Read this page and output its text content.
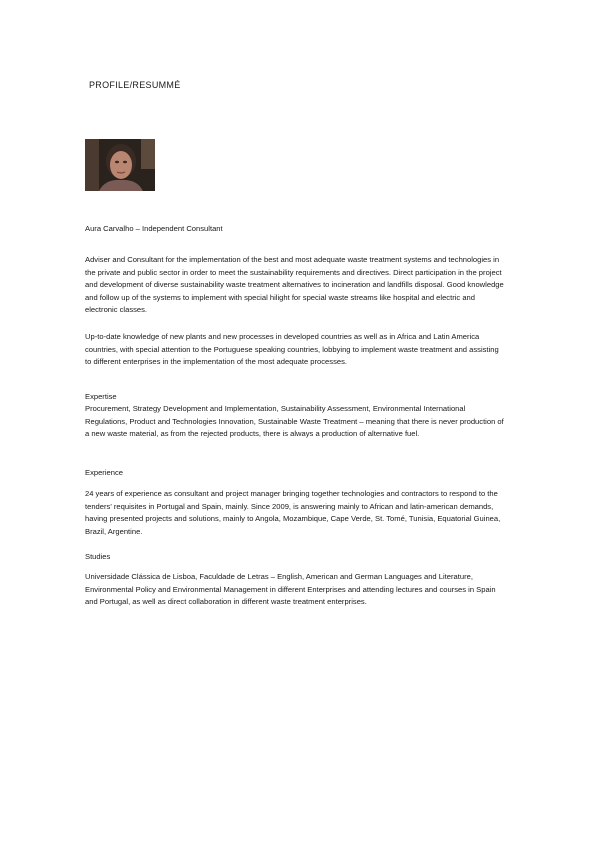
PROFILE/RESUMMÉ
Aura Carvalho – Independent Consultant

Adviser and Consultant for the implementation of the best and most adequate waste treatment systems and technologies in the private and public sector in order to meet the sustainability requirements and directives. Direct participation in the project and development of diverse sustainability waste treatment alternatives to incineration and landfills disposal. Good knowledge and follow up of the systems to implement with special hilight for special waste streams like hospital and electric and electronic classes.

Up-to-date knowledge of new plants and new processes in developed countries as well as in Africa and Latin America countries, with special attention to the Portuguese speaking countries, lobbying to implement waste treatment and assisting to different enterprises in the implementation of the most adequate processes.

Expertise

Procurement, Strategy Development and Implementation, Sustainability Assessment, Environmental International Regulations, Product and Technologies Innovation, Sustainable Waste Treatment – meaning that there is never production of a new waste material, as from the rejected products, there is always a production of alternative fuel.

Experience

24 years of experience as consultant and project manager bringing together technologies and contractors to respond to the tenders' requisites in Portugal and Spain, mainly. Since 2009, is answering mainly to African and latin-american demands, having presented projects and solutions, mainly to Angola, Mozambique, Cape Verde, St. Tomé, Tunisia, Equatorial Guinea, Brazil, Argentine.

Studies

Universidade Clássica de Lisboa, Faculdade de Letras – English, American and German Languages and Literature, Environmental Policy and Environmental Management in different Enterprises and attending lectures and courses in Spain and Portugal, as well as direct collaboration in different waste treatment enterprises.
